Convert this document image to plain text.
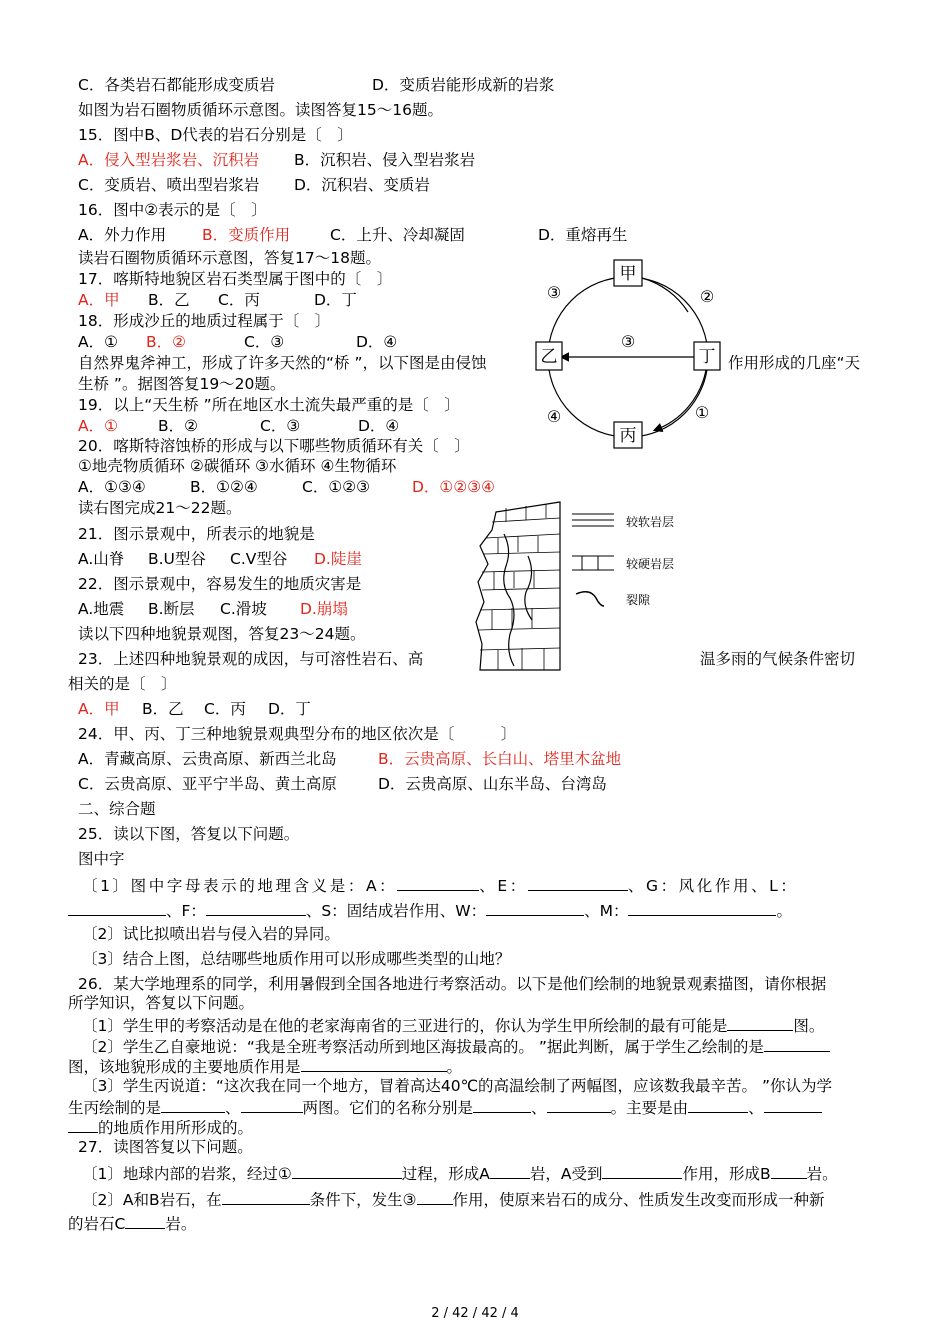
C．各类岩石都能形成变质岩	D．变质岩能形成新的岩浆
如图为岩石圈物质循环示意图。读图答复15～16题。
15．图中B、D代表的岩石分别是〔　〕
A．侵入型岩浆岩、沉积岩 B．沉积岩、侵入型岩浆岩
C．变质岩、喷出型岩浆岩 D．沉积岩、变质岩
16．图中②表示的是〔　〕
A．外力作用 B．变质作用	C．上升、冷却凝固	D．重熔再生
读岩石圈物质循环示意图，答复17～18题。
17．喀斯特地貌区岩石类型属于图中的〔　〕
A．甲 B．乙 C．丙	D．丁
18．形成沙丘的地质过程属于〔　〕
A．① B．②	C．③	D．④
自然界鬼斧神工，形成了许多天然的“桥 ”，以下图是由侵蚀	作用形成的几座“天
生桥 ”。据图答复19～20题。
19．以上“天生桥 ”所在地区水土流失最严重的是〔　〕
A．①	B．②	C．③	D．④
20．喀斯特溶蚀桥的形成与以下哪些物质循环有关〔　〕
①地壳物质循环 ②碳循环 ③水循环 ④生物循环
A．①③④	B．①②④	C．①②③	D．①②③④
读右图完成21～22题。
21．图示景观中，所表示的地貌是
A.山脊 B.U型谷 C.V型谷 D.陡崖
22．图示景观中，容易发生的地质灾害是
A.地震 B.断层 C.滑坡 D.崩塌
读以下四种地貌景观图，答复23～24题。
23．上述四种地貌景观的成因，与可溶性岩石、高	温多雨的气候条件密切
相关的是〔　〕
A．甲 B．乙 C．丙 D．丁
24．甲、丙、丁三种地貌景观典型分布的地区依次是〔　　　〕
A．青藏高原、云贵高原、新西兰北岛	B．云贵高原、长白山、塔里木盆地
C．云贵高原、亚平宁半岛、黄土高原	D．云贵高原、山东半岛、台湾岛
二、综合题
25．读以下图，答复以下问题。
图中字
〔1〕图中字母表示的地理含义是：A：	、E：	、G：风化作用、L：
、F：	、S：固结成岩作用、W：	、M：	。
〔2〕试比拟喷出岩与侵入岩的异同。
〔3〕结合上图，总结哪些地质作用可以形成哪些类型的山地？
26．某大学地理系的同学，利用暑假到全国各地进行考察活动。以下是他们绘制的地貌景观素描图，请你根据
所学知识，答复以下问题。
〔1〕学生甲的考察活动是在他的老家海南省的三亚进行的，你认为学生甲所绘制的最有可能是	图。
〔2〕学生乙自豪地说：“我是全班考察活动所到地区海拔最高的。 ”据此判断，属于学生乙绘制的是
图，该地貌形成的主要地质作用是	。
〔3〕学生丙说道：“这次我在同一个地方，冒着高达40℃的高温绘制了两幅图，应该数我最辛苦。 ”你认为学
生丙绘制的是	、	两图。它们的名称分别是	、	。主要是由	、
的地质作用所形成的。
27．读图答复以下问题。
〔1〕地球内部的岩浆，经过①	过程，形成A	岩，A受到	作用，形成B 岩。
〔2〕A和B岩石，在	条件下，发生③ 作用，使原来岩石的成分、性质发生改变而形成一种新
的岩石C	岩。
甲
乙	丁
丙
③	②
③
④	①
较软岩层
较硬岩层
裂隙
2 / 42 / 42 / 4
